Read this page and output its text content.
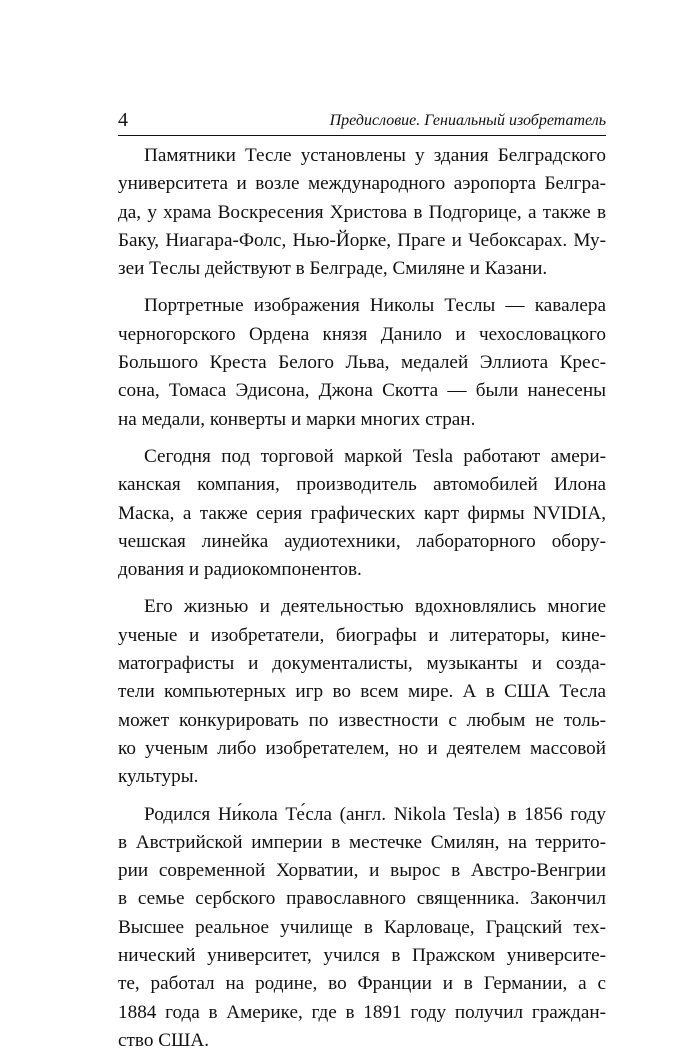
4	Предисловие. Гениальный изобретатель
Памятники Тесле установлены у здания Белградского
университета и возле международного аэропорта Белгра-
да, у храма Воскресения Христова в Подгорице, а также в
Баку, Ниагара-Фолс, Нью-Йорке, Праге и Чебоксарах. Му-
зеи Теслы действуют в Белграде, Смилянe и Казани.
Портретные изображения Николы Теслы — кавалера
черногорского Ордена князя Данило и чехословацкого
Большого Креста Белого Льва, медалей Эллиота Крес-
сона, Томаса Эдисона, Джона Скотта — были нанесены
на медали, конверты и марки многих стран.
Сегодня под торговой маркой Tesla работают амери-
канская компания, производитель автомобилей Илона
Маска, а также серия графических карт фирмы NVIDIA,
чешская линейка аудиотехники, лабораторного обору-
дования и радиокомпонентов.
Его жизнью и деятельностью вдохновлялись многие
ученые и изобретатели, биографы и литераторы, кине-
матографисты и документалисты, музыканты и созда-
тели компьютерных игр во всем мире. А в США Тесла
может конкурировать по известности с любым не толь-
ко ученым либо изобретателем, но и деятелем массовой
культуры.
Родился Ни́кола Те́сла (англ. Nikola Tesla) в 1856 году
в Австрийской империи в местечке Смилян, на террито-
рии современной Хорватии, и вырос в Австро-Венгрии
в семье сербского православного священника. Закончил
Высшее реальное училище в Карловаце, Грацский тех-
нический университет, учился в Пражском университе-
те, работал на родине, во Франции и в Германии, а с
1884 года в Америке, где в 1891 году получил граждан-
ство США.
